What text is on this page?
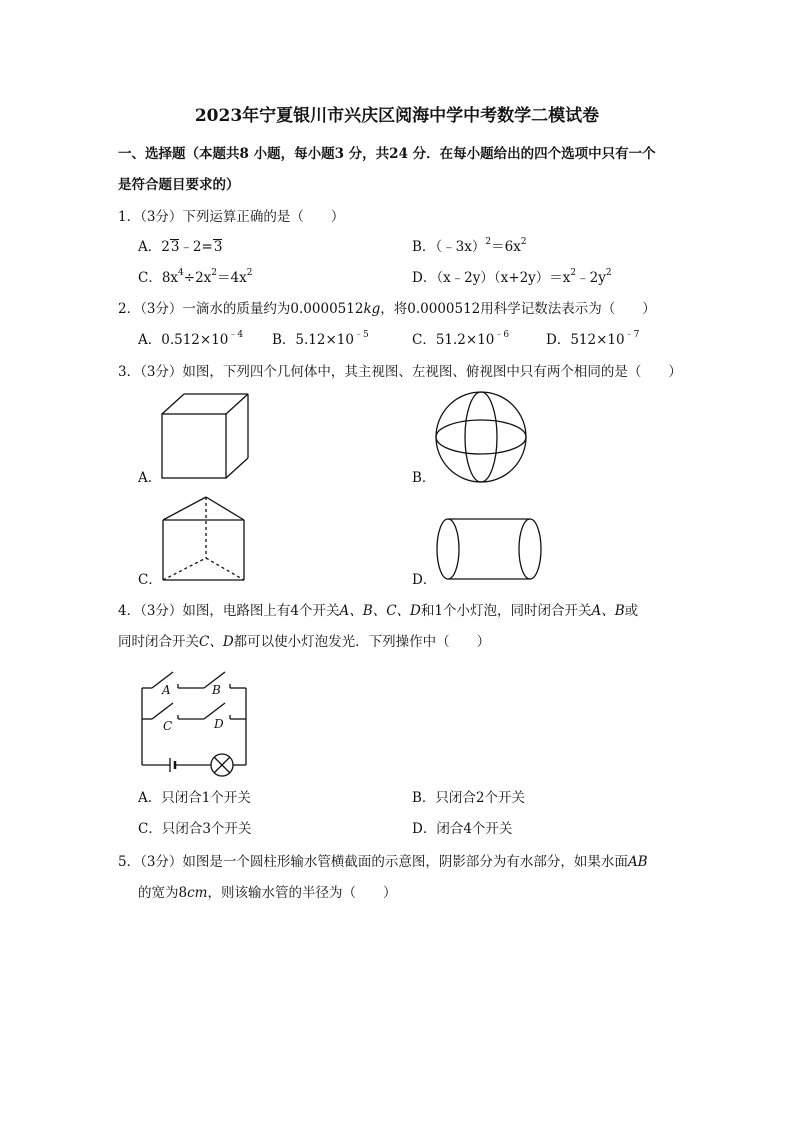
2023年宁夏银川市兴庆区阅海中学中考数学二模试卷
一、选择题（本题共8 小题，每小题3 分，共24 分．在每小题给出的四个选项中只有一个
是符合题目要求的）
1．（3分）下列运算正确的是（　　）
A．23﹣2=3	B．$(﹣3x)^2=6x^2$
C．$8x^4\div 2x^2=4x^2$	D．$(x﹣2y)(x+2y)=x^2﹣2y^2$
2．（3分）一滴水的质量约为0.0000512kg，将0.0000512用科学记数法表示为（　　）
A．$0.512\times 10^{﹣4}$ B．$5.12\times 10^{﹣5}$	C．$51.2\times 10^{﹣6}$	D．$512\times 10^{﹣7}$
3．（3分）如图，下列四个几何体中，其主视图、左视图、俯视图中只有两个相同的是（　　）
A．	B．
C．	D．
4．（3分）如图，电路图上有4个开关A、B、C、D和1个小灯泡，同时闭合开关A、B或
同时闭合开关C、D都可以使小灯泡发光．下列操作中（　　）
A	B
C	D
A．只闭合1个开关	B．只闭合2个开关
C．只闭合3个开关	D．闭合4个开关
5．（3分）如图是一个圆柱形输水管横截面的示意图，阴影部分为有水部分，如果水面AB
的宽为8cm，则该输水管的半径为（　　）
